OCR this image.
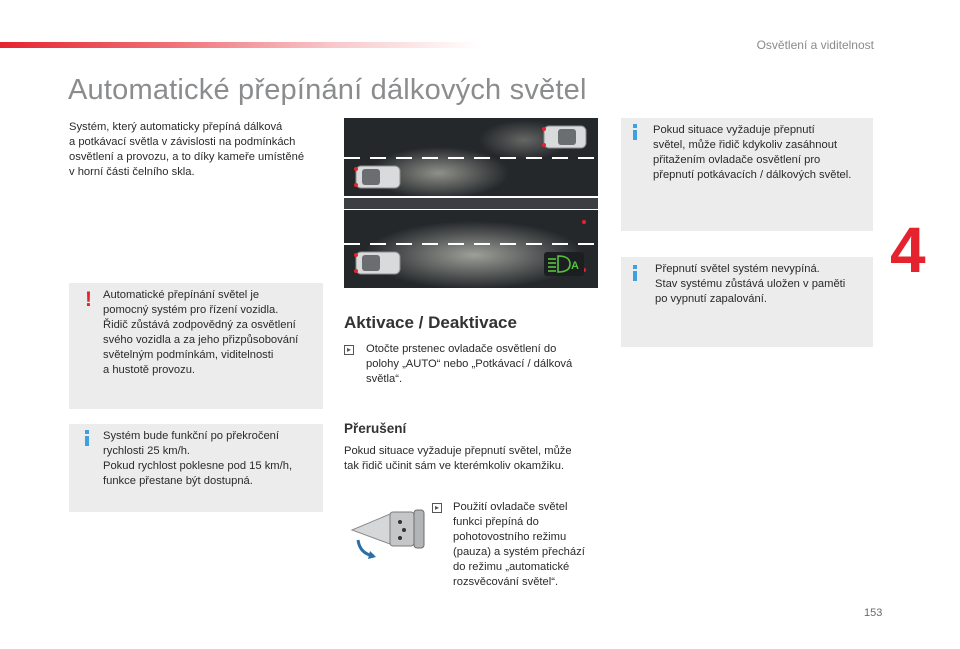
Osvětlení a viditelnost
4
Automatické přepínání dálkových světel
Systém, který automaticky přepíná dálková
a potkávací světla v závislosti na podmínkách
osvětlení a provozu, a to díky kameře umístěné
v horní části čelního skla.
! Automatické přepínání světel je
pomocný systém pro řízení vozidla.
Řidič zůstává zodpovědný za osvětlení
svého vozidla a za jeho přizpůsobování
světelným podmínkám, viditelnosti
a hustotě provozu.
Systém bude funkční po překročení
rychlosti 25 km/h.
Pokud rychlost poklesne pod 15 km/h,
funkce přestane být dostupná.
A
Aktivace / Deaktivace
▸ Otočte prstenec ovladače osvětlení do
polohy „AUTO“ nebo „Potkávací / dálková
světla“.
Přerušení
Pokud situace vyžaduje přepnutí světel, může
tak řidič učinit sám ve kterémkoliv okamžiku.
▸ Použití ovladače světel
funkci přepíná do
pohotovostního režimu
(pauza) a systém přechází
do režimu „automatické
rozsvěcování světel“.
Pokud situace vyžaduje přepnutí
světel, může řidič kdykoliv zasáhnout
přitažením ovladače osvětlení pro
přepnutí potkávacích / dálkových světel.
Přepnutí světel systém nevypíná.
Stav systému zůstává uložen v paměti
po vypnutí zapalování.
153
